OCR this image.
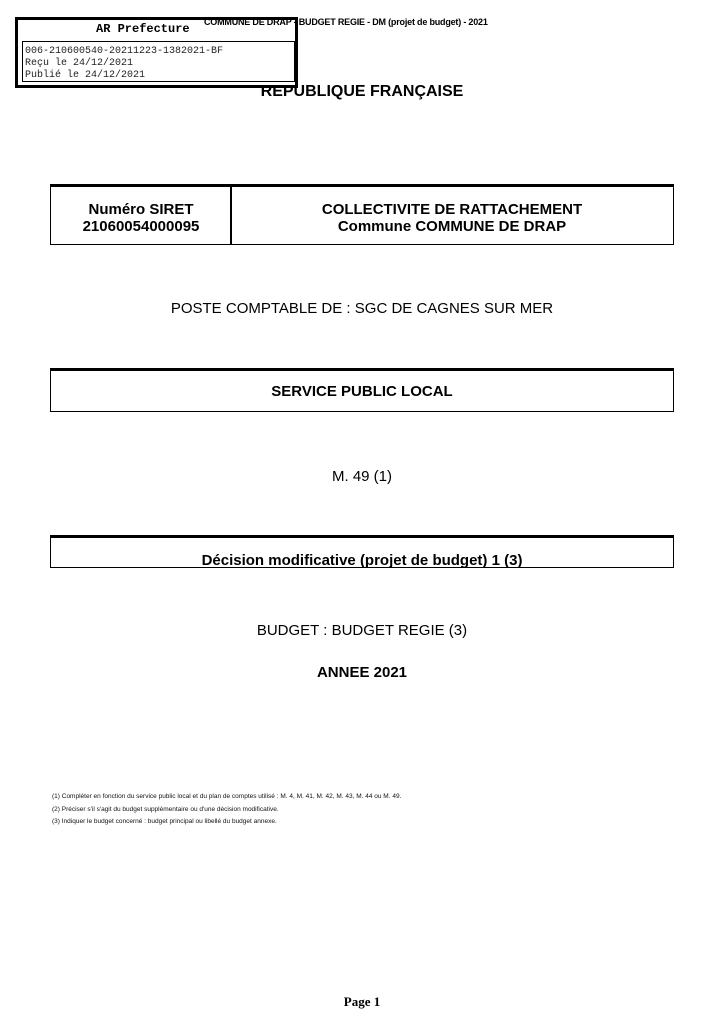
COMMUNE DE DRAP - BUDGET REGIE - DM (projet de budget) - 2021
AR Prefecture
006-210600540-20211223-1382021-BF
Reçu le 24/12/2021
Publié le 24/12/2021
REPUBLIQUE FRANÇAISE
Numéro SIRET
21060054000095
COLLECTIVITE DE RATTACHEMENT
Commune COMMUNE DE DRAP
POSTE COMPTABLE DE : SGC DE CAGNES SUR MER
SERVICE PUBLIC LOCAL
M. 49 (1)
Décision modificative (projet de budget) 1 (3)
BUDGET : BUDGET REGIE (3)
ANNEE 2021
(1) Compléter en fonction du service public local et du plan de comptes utilisé : M. 4, M. 41, M. 42, M. 43, M. 44 ou M. 49.
(2) Préciser s'il s'agit du budget supplémentaire ou d'une décision modificative.
(3) Indiquer le budget concerné : budget principal ou libellé du budget annexe.
Page 1
